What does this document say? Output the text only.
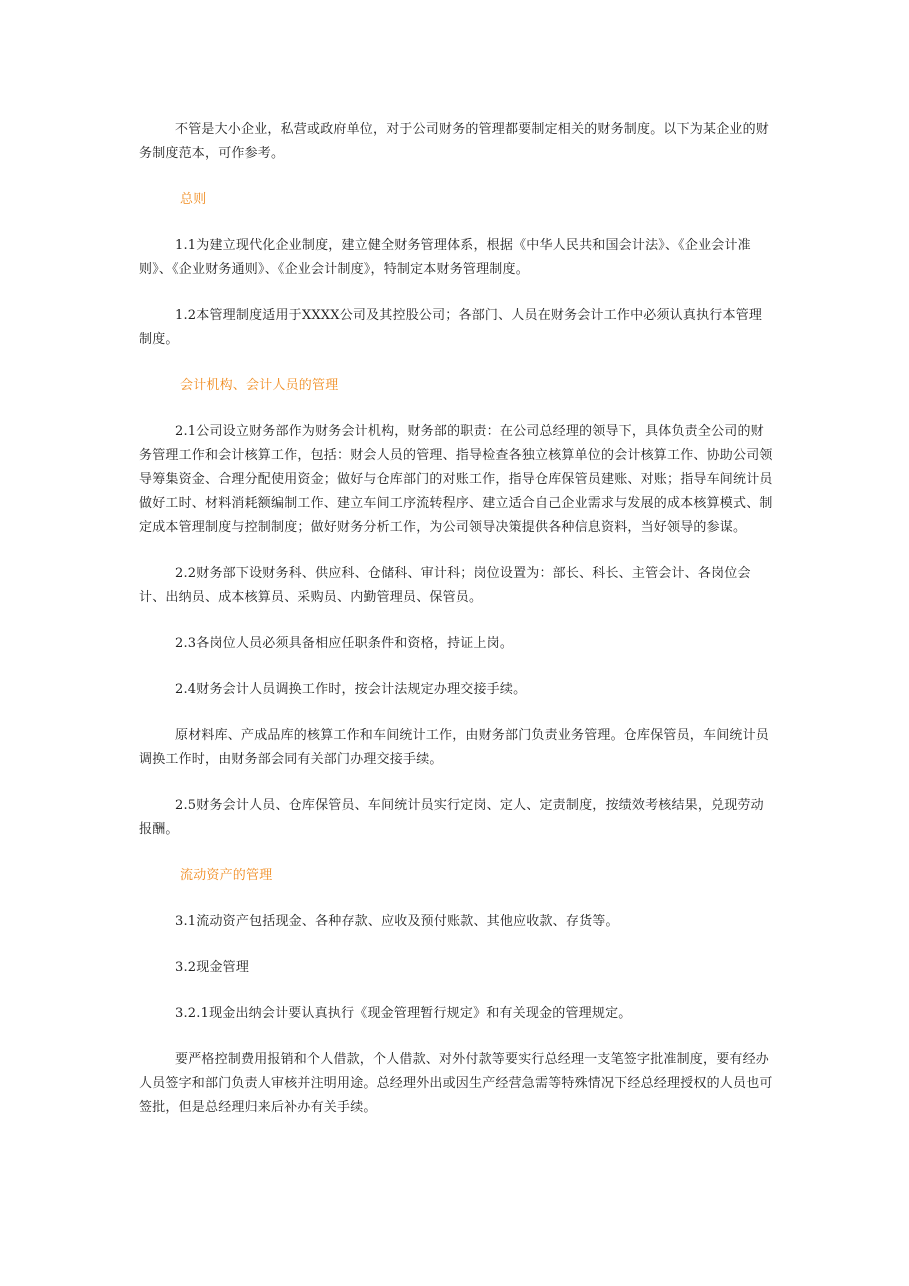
不管是大小企业，私营或政府单位，对于公司财务的管理都要制定相关的财务制度。以下为某企业的财务制度范本，可作参考。

总则

1.1为建立现代化企业制度，建立健全财务管理体系，根据《中华人民共和国会计法》、《企业会计准则》、《企业财务通则》、《企业会计制度》，特制定本财务管理制度。

1.2本管理制度适用于XXXX公司及其控股公司；各部门、人员在财务会计工作中必须认真执行本管理制度。

会计机构、会计人员的管理

2.1公司设立财务部作为财务会计机构，财务部的职责：在公司总经理的领导下，具体负责全公司的财务管理工作和会计核算工作，包括：财会人员的管理、指导检查各独立核算单位的会计核算工作、协助公司领导筹集资金、合理分配使用资金；做好与仓库部门的对账工作，指导仓库保管员建账、对账；指导车间统计员做好工时、材料消耗额编制工作、建立车间工序流转程序、建立适合自己企业需求与发展的成本核算模式、制定成本管理制度与控制制度；做好财务分析工作，为公司领导决策提供各种信息资料，当好领导的参谋。

2.2财务部下设财务科、供应科、仓储科、审计科；岗位设置为：部长、科长、主管会计、各岗位会计、出纳员、成本核算员、采购员、内勤管理员、保管员。

2.3各岗位人员必须具备相应任职条件和资格，持证上岗。

2.4财务会计人员调换工作时，按会计法规定办理交接手续。

原材料库、产成品库的核算工作和车间统计工作，由财务部门负责业务管理。仓库保管员，车间统计员调换工作时，由财务部会同有关部门办理交接手续。

2.5财务会计人员、仓库保管员、车间统计员实行定岗、定人、定责制度，按绩效考核结果，兑现劳动报酬。

流动资产的管理

3.1流动资产包括现金、各种存款、应收及预付账款、其他应收款、存货等。

3.2现金管理

3.2.1现金出纳会计要认真执行《现金管理暂行规定》和有关现金的管理规定。

要严格控制费用报销和个人借款，个人借款、对外付款等要实行总经理一支笔签字批准制度，要有经办人员签字和部门负责人审核并注明用途。总经理外出或因生产经营急需等特殊情况下经总经理授权的人员也可签批，但是总经理归来后补办有关手续。
